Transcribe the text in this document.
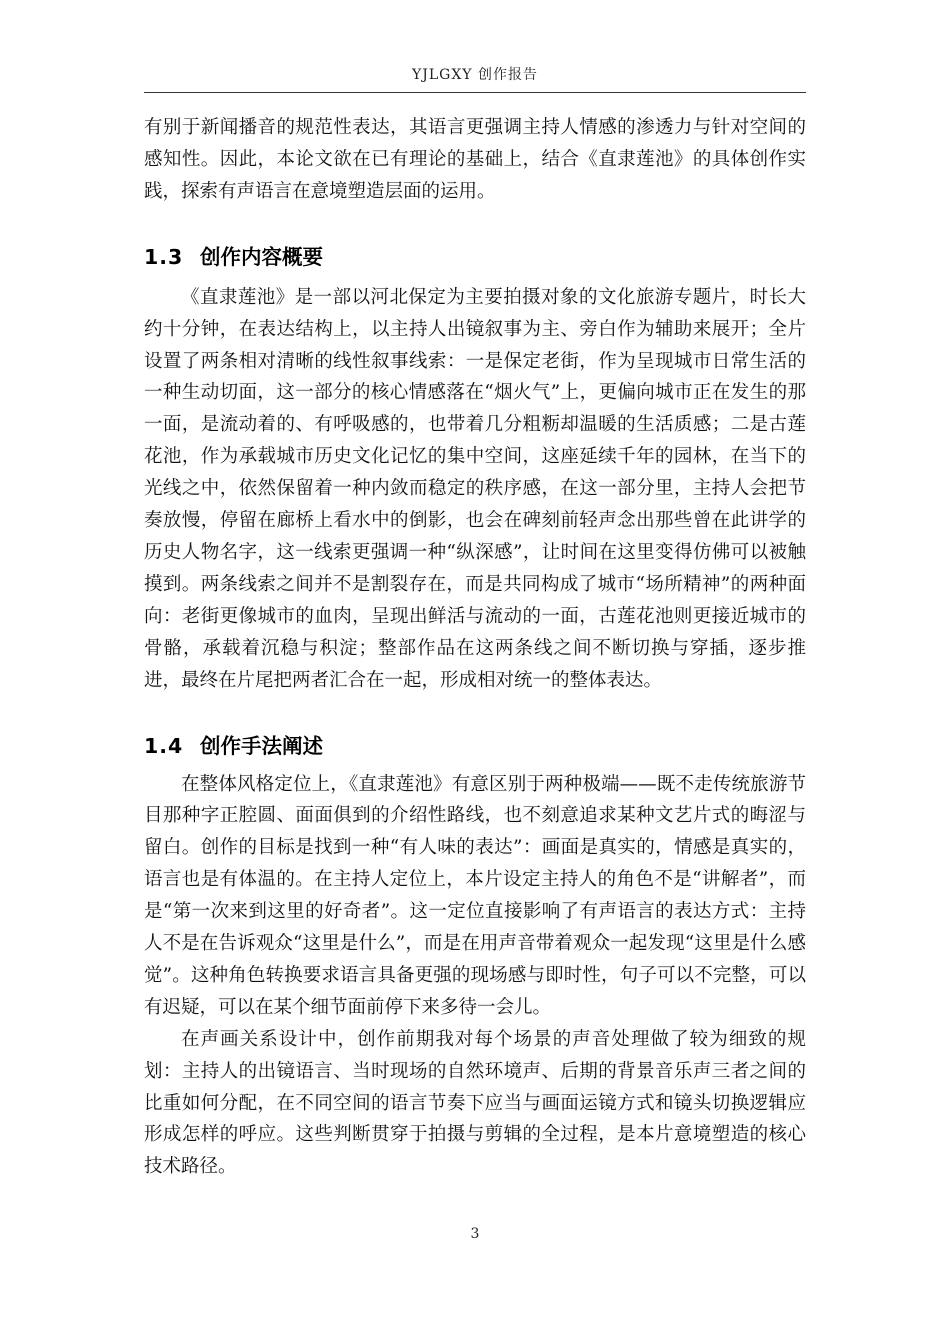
YJLGXY 创作报告

有别于新闻播音的规范性表达，其语言更强调主持人情感的渗透力与针对空间的感知性。因此，本论文欲在已有理论的基础上，结合《直隶莲池》的具体创作实践，探索有声语言在意境塑造层面的运用。

1.3 创作内容概要

《直隶莲池》是一部以河北保定为主要拍摄对象的文化旅游专题片，时长大约十分钟，在表达结构上，以主持人出镜叙事为主、旁白作为辅助来展开；全片设置了两条相对清晰的线性叙事线索：一是保定老街，作为呈现城市日常生活的一种生动切面，这一部分的核心情感落在“烟火气”上，更偏向城市正在发生的那一面，是流动着的、有呼吸感的，也带着几分粗粝却温暖的生活质感；二是古莲花池，作为承载城市历史文化记忆的集中空间，这座延续千年的园林，在当下的光线之中，依然保留着一种内敛而稳定的秩序感，在这一部分里，主持人会把节奏放慢，停留在廊桥上看水中的倒影，也会在碑刻前轻声念出那些曾在此讲学的历史人物名字，这一线索更强调一种“纵深感”，让时间在这里变得仿佛可以被触摸到。两条线索之间并不是割裂存在，而是共同构成了城市“场所精神”的两种面向：老街更像城市的血肉，呈现出鲜活与流动的一面，古莲花池则更接近城市的骨骼，承载着沉稳与积淀；整部作品在这两条线之间不断切换与穿插，逐步推进，最终在片尾把两者汇合在一起，形成相对统一的整体表达。

1.4 创作手法阐述

在整体风格定位上，《直隶莲池》有意区别于两种极端——既不走传统旅游节目那种字正腔圆、面面俱到的介绍性路线，也不刻意追求某种文艺片式的晦涩与留白。创作的目标是找到一种“有人味的表达”：画面是真实的，情感是真实的，语言也是有体温的。在主持人定位上，本片设定主持人的角色不是“讲解者”，而是“第一次来到这里的好奇者”。这一定位直接影响了有声语言的表达方式：主持人不是在告诉观众“这里是什么”，而是在用声音带着观众一起发现“这里是什么感觉”。这种角色转换要求语言具备更强的现场感与即时性，句子可以不完整，可以有迟疑，可以在某个细节面前停下来多待一会儿。

在声画关系设计中，创作前期我对每个场景的声音处理做了较为细致的规划：主持人的出镜语言、当时现场的自然环境声、后期的背景音乐声三者之间的比重如何分配，在不同空间的语言节奏下应当与画面运镜方式和镜头切换逻辑应形成怎样的呼应。这些判断贯穿于拍摄与剪辑的全过程，是本片意境塑造的核心技术路径。

3
